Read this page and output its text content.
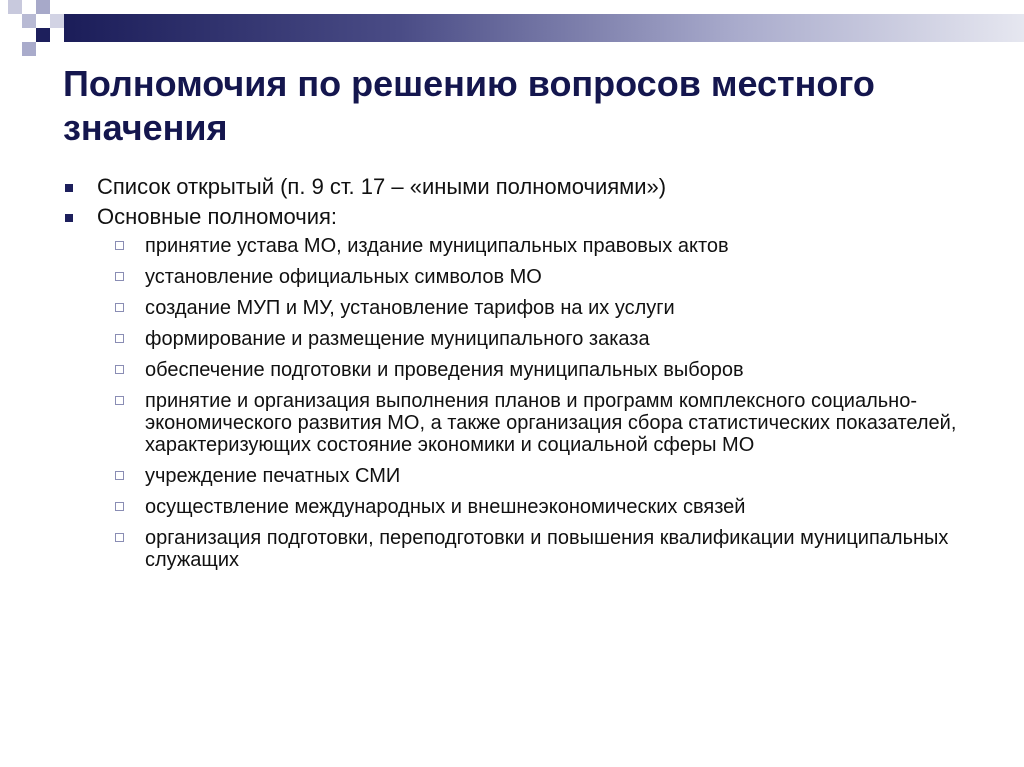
Полномочия по решению вопросов местного значения
Список открытый (п. 9 ст. 17 – «иными полномочиями»)
Основные полномочия:
принятие устава МО, издание муниципальных правовых актов
установление официальных символов МО
создание МУП и МУ, установление тарифов на их услуги
формирование и размещение муниципального заказа
обеспечение подготовки и проведения муниципальных выборов
принятие и организация выполнения планов и программ комплексного социально-экономического развития МО, а также организация сбора статистических показателей, характеризующих состояние экономики и социальной сферы МО
учреждение печатных СМИ
осуществление международных и внешнеэкономических связей
организация подготовки, переподготовки и повышения квалификации муниципальных служащих
